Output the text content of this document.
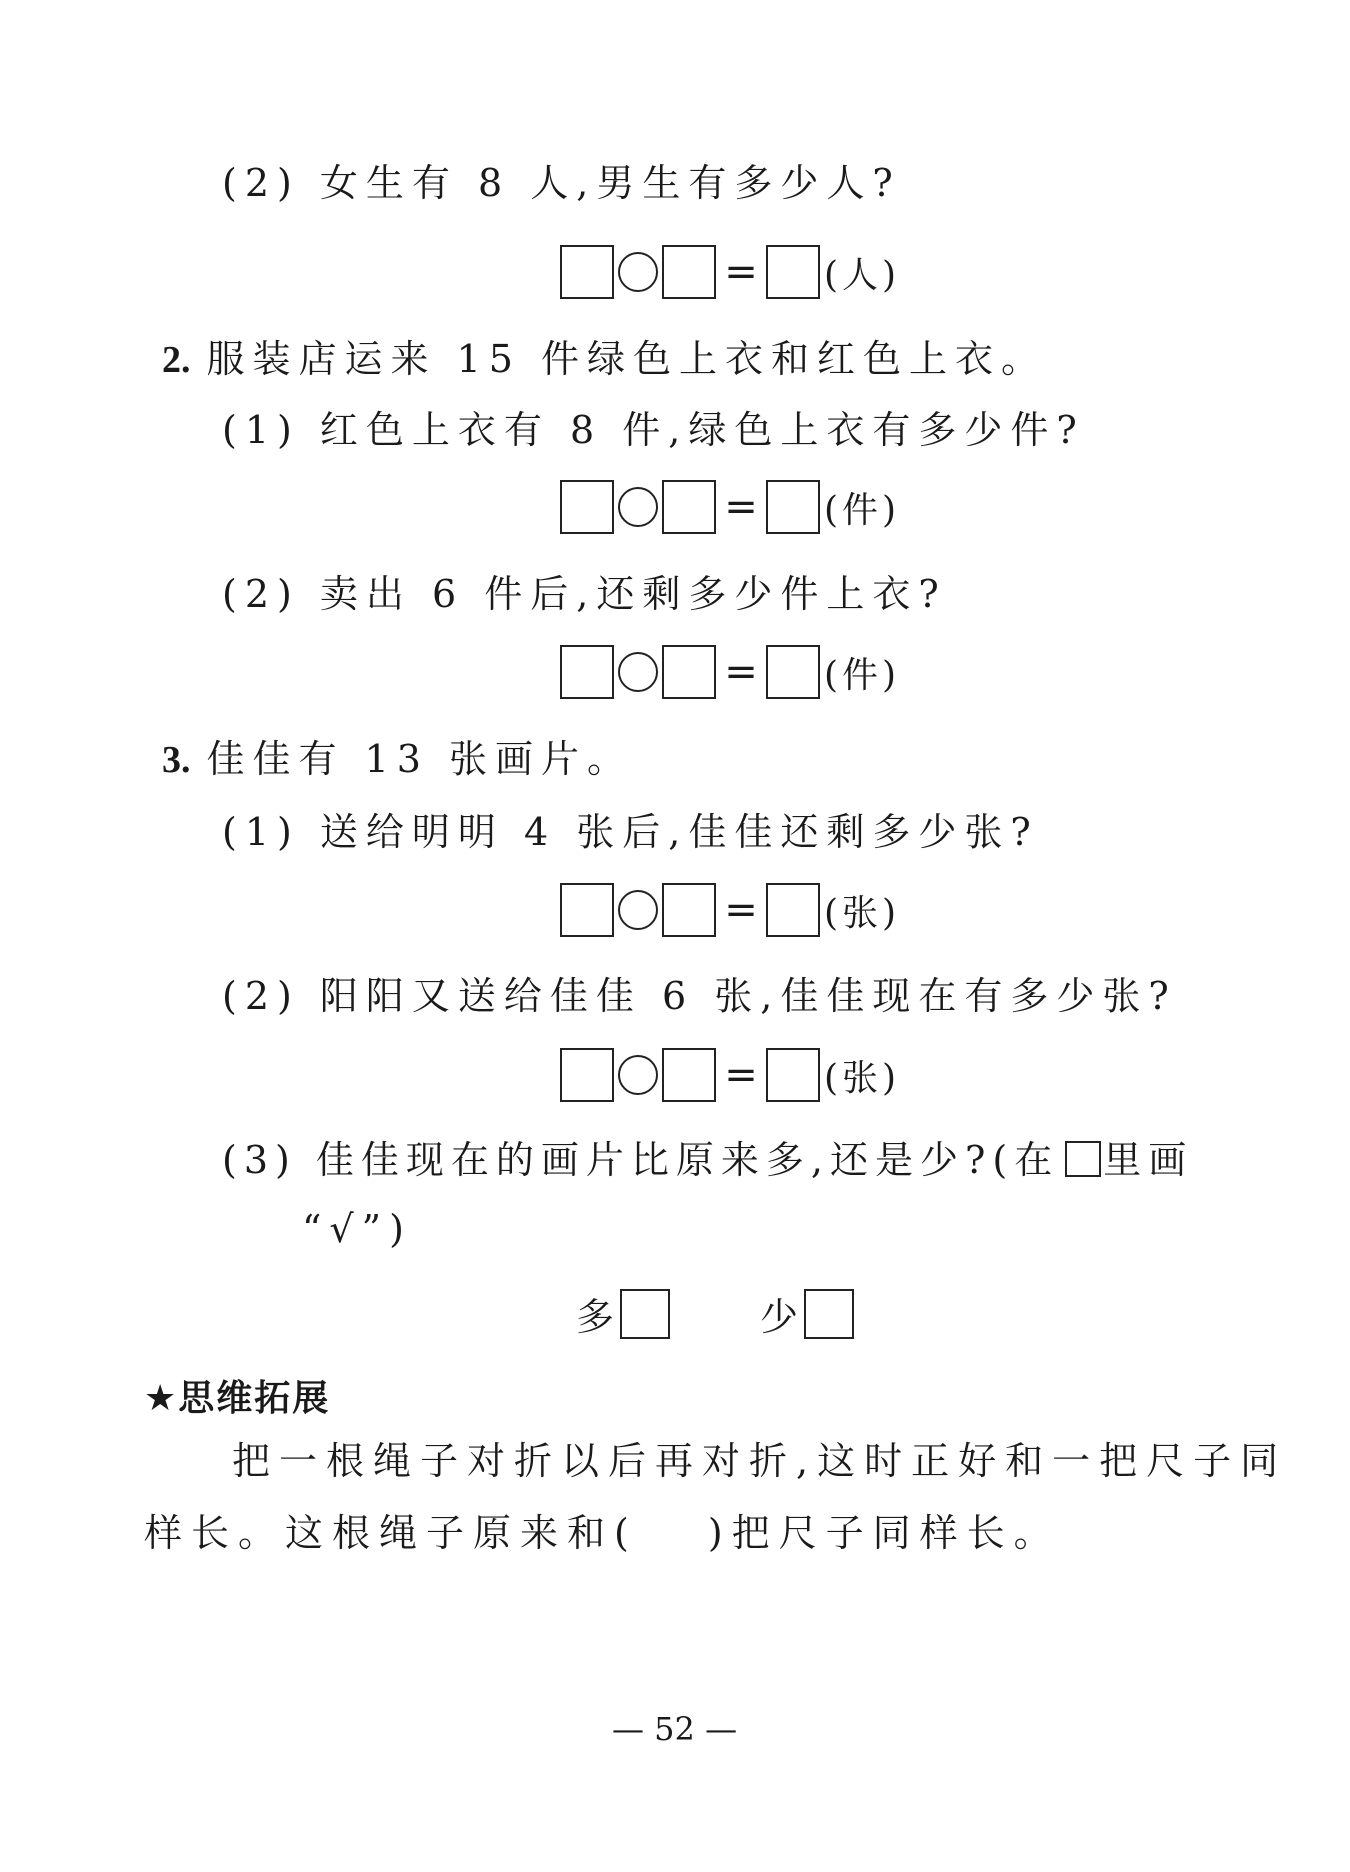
(2) 女生有 8 人,男生有多少人?
= (人)
2. 服装店运来 15 件绿色上衣和红色上衣。
(1) 红色上衣有 8 件,绿色上衣有多少件?
= (件)
(2) 卖出 6 件后,还剩多少件上衣?
= (件)
3. 佳佳有 13 张画片。
(1) 送给明明 4 张后,佳佳还剩多少张?
= (张)
(2) 阳阳又送给佳佳 6 张,佳佳现在有多少张?
= (张)
(3) 佳佳现在的画片比原来多,还是少?(在 里画
“√”)
多	少
★思维拓展
把一根绳子对折以后再对折,这时正好和一把尺子同
样长。这根绳子原来和( )把尺子同样长。
— 52 —
